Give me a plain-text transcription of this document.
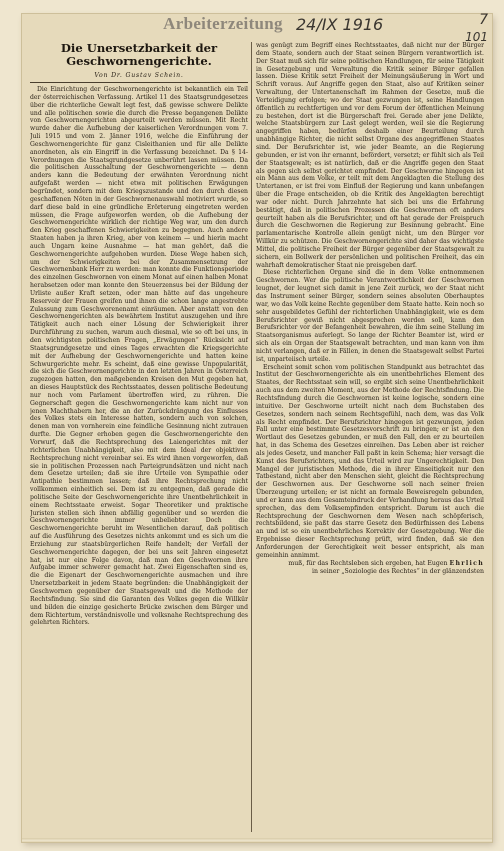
Arbeiterzeitung 24/IX 1916	7
101
Die Unersetzbarkeit der Geschwornengerichte.
Von Dr. Gustav Schein.

Die Einrichtung der Geschwornengerichte ist bekanntlich ein Teil der österreichischen Verfassung. Artikel 11 des Staatsgrundgesetzes über die richterliche Gewalt legt fest, daß gewisse schwere Delikte und alle politischen sowie die durch die Presse begangenen Delikte von Geschwornengerichten abgeurteilt werden müssen. Mit Recht wurde daher die Aufhebung der kaiserlichen Verordnungen vom 7. Juli 1915 und vom 2. Jänner 1916, welche die Einführung der Geschwornengerichte für ganz Cisleithanien und für alle Delikte anordneten, als ein Eingriff in die Verfassung bezeichnet. Da § 14-Verordnungen die Staatsgrundgesetze unberührt lassen müssen. Da die politischen Ausschaltung der Geschwornengerichte — denn anders kann die Bedeutung der erwähnten Verordnung nicht aufgefaßt werden — nicht etwa mit politischen Erwägungen begründet, sondern mit dem Kriegszustande und den durch diesen geschaffenen Nöten in der Geschwornenauswahl motiviert wurde, so darf diese bald in eine gründliche Erörterung eingetreten werden müssen, die Frage aufgeworfen werden, ob die Aufhebung der Geschwornengerichte wirklich der richtige Weg war, um den durch den Krieg geschaffenen Schwierigkeiten zu begegnen. Auch andere Staaten haben ja ihren Krieg, aber von keinem — und hierin macht auch Ungarn keine Ausnahme — hat man gehört, daß die Geschwornengerichte aufgehoben wurden. Diese Wege haben sich, um der Schwierigkeiten bei der Zusammensetzung der Geschwornenbank Herr zu werden: man konnte die Funktionsperiode des einzelnen Geschwornen von einem Monat auf einen halben Monat herabsetzen oder man konnte den Steuerzensus bei der Bildung der Urliste außer Kraft setzen, oder man hätte auf das ungeheure Reservoir der Frauen greifen und ihnen die schon lange angestrebte Zulassung zum Geschworenenamt einräumen. Aber anstatt von den Geschwornengerichten als bewährtem Institut auszugehen und ihre Tätigkeit auch nach einer Lösung der Schwierigkeit ihrer Durchführung zu suchen, warum auch diesmal, wie so oft bei uns, in den wichtigsten politischen Fragen, „Erwägungen“ Rücksicht auf Staatsgrundgesetze und eines Tages erwachten die Kriegsgerichte mit der Aufhebung der Geschwornengerichte und hatten keine Schwurgerichte mehr. Es scheint, daß eine gewisse Unpopularität, die sich die Geschwornengerichte in den letzten Jahren in Österreich zugezogen hatten, den maßgebenden Kreisen den Mut gegeben hat, an dieses Hauptstück des Rechtsstaates, dessen politische Bedeutung nur noch vom Parlament übertroffen wird, zu rühren. Die Gegnerschaft gegen die Geschwornengerichte kam nicht nur von jenen Machthabern her, die an der Zurückdrängung des Einflusses des Volkes stets ein Interesse hatten, sondern auch von solchen, denen man von vornherein eine feindliche Gesinnung nicht zutrauen durfte. Die Gegner erhoben gegen die Geschwornengerichte den Vorwurf, daß die Rechtsprechung des Laiengerichtes mit der richterlichen Unabhängigkeit, also mit dem Ideal der objektiven Rechtsprechung nicht vereinbar sei. Es wird ihnen vorgeworfen, daß sie in politischen Prozessen nach Parteigrundsätzen und nicht nach dem Gesetze urteilen; daß sie ihre Urteile von Sympathie oder Antipathie bestimmen lassen; daß ihre Rechtsprechung nicht vollkommen einheitlich sei. Dem ist zu entgegnen, daß gerade die politische Seite der Geschwornengerichte ihre Unentbehrlichkeit in einem Rechtsstaate erweist. Sogar Theoretiker und praktische Juristen stellen sich ihnen abfällig gegenüber und so werden die Geschwornengerichte immer unbeliebter. Doch die Geschwornengerichte beruht im Wesentlichen darauf, daß politisch auf die Ausführung des Gesetzes nichts ankommt und es sich um die Erziehung zur staatsbürgerlichen Reife handelt; der Verfall der Geschwornengerichte dagegen, der bei uns seit Jahren eingesetzt hat, ist nur eine Folge davon, daß man den Geschwornen ihre Aufgabe immer schwerer gemacht hat. Zwei Eigenschaften sind es, die die Eigenart der Geschwornengerichte ausmachen und ihre Unersetzbarkeit in jedem Staate begründen: die Unabhängigkeit der Geschwornen gegenüber der Staatsgewalt und die Methode der Rechtsfindung. Sie sind die Garanten des Volkes gegen die Willkür und bilden die einzige gesicherte Brücke zwischen dem Bürger und dem Richtertum, verständnisvolle und volksnahe Rechtsprechung des gelehrten Richters.

was genügt zum Begriff eines Rechtsstaates, daß nicht nur der Bürger dem Staate, sondern auch der Staat seinen Bürgern verantwortlich ist. Der Staat muß sich für seine politischen Handlungen, für seine Tätigkeit in Gesetzgebung und Verwaltung die Kritik seiner Bürger gefallen lassen. Diese Kritik setzt Freiheit der Meinungsäußerung in Wort und Schrift voraus. Auf Angriffe gegen den Staat, also auf Kritiken seiner Verwaltung, der Untertanenschaft im Rahmen der Gesetze, muß die Verteidigung erfolgen; wo der Staat gezwungen ist, seine Handlungen öffentlich zu rechtfertigen und vor dem Forum der öffentlichen Meinung zu bestehen, dort ist die Bürgerschaft frei. Gerade aber jene Delikte, welche Staatsbürgern zur Last gelegt werden, weil sie die Regierung angegriffen haben, bedürfen deshalb einer Beurteilung durch unabhängige Richter, die nicht selbst Organe des angegriffenen Staates sind. Der Berufsrichter ist, wie jeder Beamte, an die Regierung gebunden, er ist von ihr ernannt, befördert, versetzt; er fühlt sich als Teil der Staatsgewalt; es ist natürlich, daß er die Angriffe gegen den Staat als gegen sich selbst gerichtet empfindet. Der Geschworne hingegen ist ein Mann aus dem Volke, er teilt mit dem Angeklagten die Stellung des Untertanen, er ist frei vom Einfluß der Regierung und kann unbefangen über die Frage entscheiden, ob die Kritik des Angeklagten berechtigt war oder nicht. Durch Jahrzehnte hat sich bei uns die Erfahrung bestätigt, daß in politischen Prozessen die Geschwornen oft anders geurteilt haben als die Berufsrichter, und oft hat gerade der Freispruch durch die Geschwornen die Regierung zur Besinnung gebracht. Eine parlamentarische Kontrolle allein genügt nicht, um den Bürger vor Willkür zu schützen. Die Geschwornengerichte sind daher das wichtigste Mittel, die politische Freiheit der Bürger gegenüber der Staatsgewalt zu sichern, ein Bollwerk der persönlichen und politischen Freiheit, das ein wahrhaft demokratischer Staat nie preisgeben darf.

Diese richterlichen Organe sind die in dem Volke entnommenen Geschwornen. Wer die politische Verantwortlichkeit der Geschwornen leugnet, der leugnet sich damit in jene Zeit zurück, wo der Staat nicht das Instrument seiner Bürger, sondern seines absoluten Oberhauptes war, wo das Volk keine Rechte gegenüber dem Staate hatte. Kein noch so sehr ausgebildetes Gefühl der richterlichen Unabhängigkeit, wie es dem Berufsrichter gewiß nicht abgesprochen werden soll, kann den Berufsrichter vor der Befangenheit bewahren, die ihm seine Stellung im Staatsorganismus auferlegt. So lange der Richter Beamter ist, wird er sich als ein Organ der Staatsgewalt betrachten, und man kann von ihm nicht verlangen, daß er in Fällen, in denen die Staatsgewalt selbst Partei ist, unparteiisch urteile.

Erscheint somit schon vom politischen Standpunkt aus betrachtet das Institut der Geschwornengerichte als ein unentbehrliches Element des Staates, der Rechtsstaat sein will, so ergibt sich seine Unentbehrlichkeit auch aus dem zweiten Moment, aus der Methode der Rechtsfindung. Die Rechtsfindung durch die Geschwornen ist keine logische, sondern eine intuitive. Der Geschworne urteilt nicht nach dem Buchstaben des Gesetzes, sondern nach seinem Rechtsgefühl, nach dem, was das Volk als Recht empfindet. Der Berufsrichter hingegen ist gezwungen, jeden Fall unter eine bestimmte Gesetzesvorschrift zu bringen; er ist an den Wortlaut des Gesetzes gebunden, er muß den Fall, den er zu beurteilen hat, in das Schema des Gesetzes einreihen. Das Leben aber ist reicher als jedes Gesetz, und mancher Fall paßt in kein Schema; hier versagt die Kunst des Berufsrichters, und das Urteil wird zur Ungerechtigkeit. Den Mangel der juristischen Methode, die in ihrer Einseitigkeit nur den Tatbestand, nicht aber den Menschen sieht, gleicht die Rechtsprechung der Geschwornen aus. Der Geschworne soll nach seiner freien Überzeugung urteilen; er ist nicht an formale Beweisregeln gebunden, und er kann aus dem Gesamteindruck der Verhandlung heraus das Urteil sprechen, das dem Volksempfinden entspricht. Darum ist auch die Rechtsprechung der Geschwornen dem Wesen nach schöpferisch, rechtsbildend, sie paßt das starre Gesetz den Bedürfnissen des Lebens an und ist so ein unentbehrliches Korrektiv der Gesetzgebung. Wer die Ergebnisse dieser Rechtsprechung prüft, wird finden, daß sie den Anforderungen der Gerechtigkeit weit besser entspricht, als man gemeinhin annimmt.

muß, für das Rechtsleben sich ergeben, hat Eugen Ehrlich
in seiner „Soziologie des Rechtes“ in der glänzendsten
